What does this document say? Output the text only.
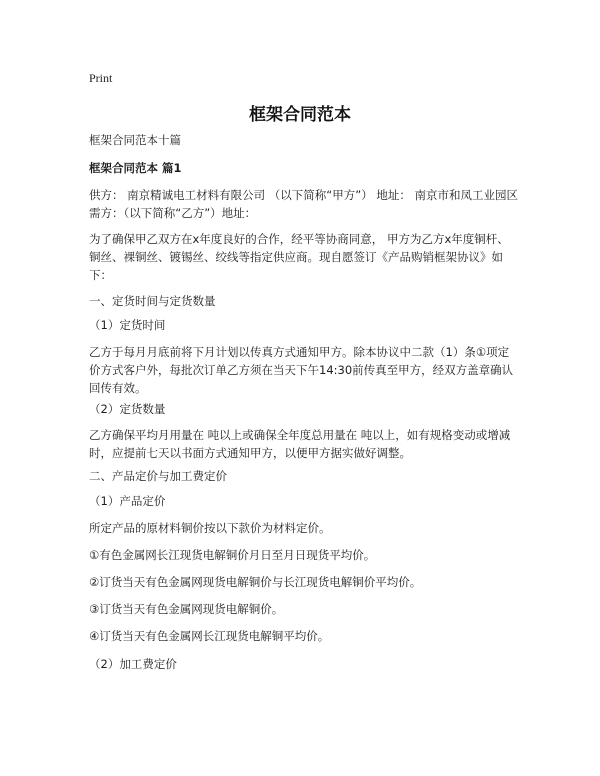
Print
框架合同范本
框架合同范本十篇
框架合同范本 篇1
供方： 南京精诚电工材料有限公司 （以下简称“甲方”） 地址： 南京市和凤工业园区 需方：（以下简称“乙方”）地址：
为了确保甲乙双方在x年度良好的合作，经平等协商同意， 甲方为乙方x年度铜杆、铜丝、裸铜丝、镀锡丝、绞线等指定供应商。现自愿签订《产品购销框架协议》如下：
一、定货时间与定货数量
（1）定货时间
乙方于每月月底前将下月计划以传真方式通知甲方。除本协议中二款（1）条①项定价方式客户外，每批次订单乙方须在当天下午14:30前传真至甲方，经双方盖章确认回传有效。
（2）定货数量
乙方确保平均月用量在 吨以上或确保全年度总用量在 吨以上，如有规格变动或增减时，应提前七天以书面方式通知甲方，以便甲方据实做好调整。
二、产品定价与加工费定价
（1）产品定价
所定产品的原材料铜价按以下款价为材料定价。
①有色金属网长江现货电解铜价月日至月日现货平均价。
②订货当天有色金属网现货电解铜价与长江现货电解铜价平均价。
③订货当天有色金属网现货电解铜价。
④订货当天有色金属网长江现货电解铜平均价。
（2）加工费定价
